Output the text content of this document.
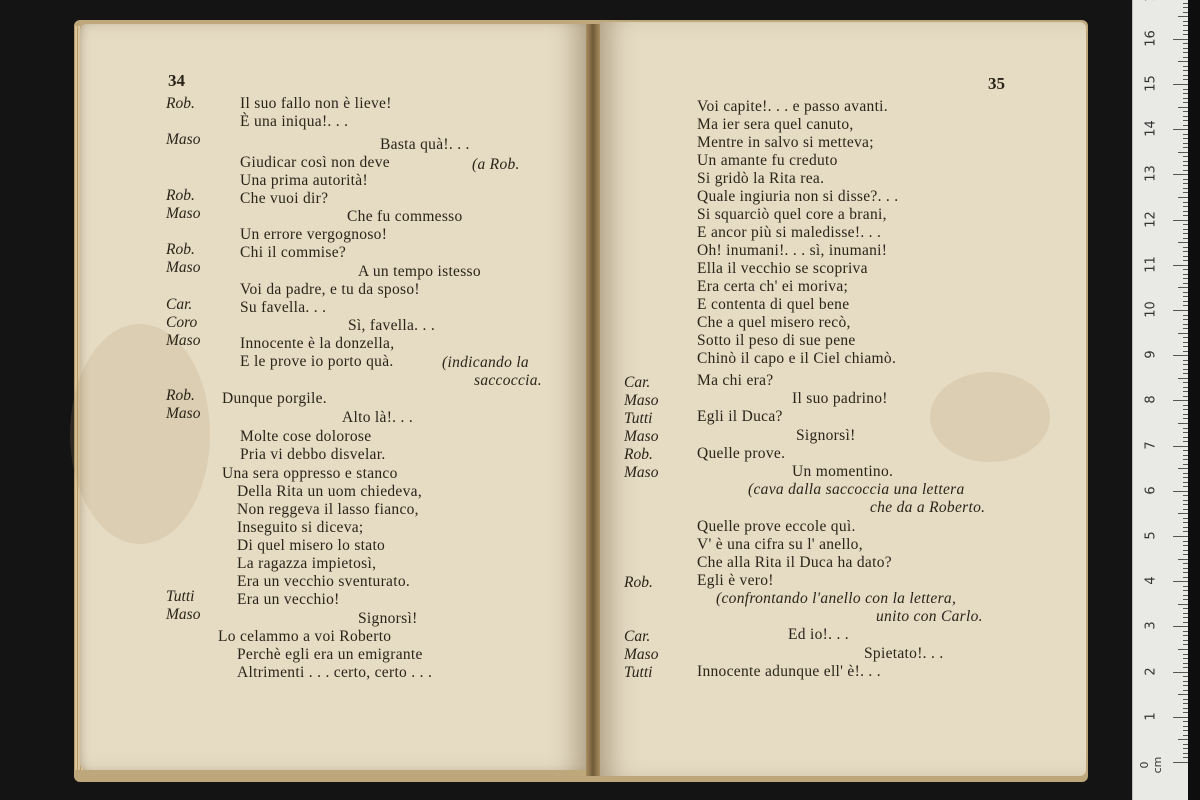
34
Rob.	Il suo fallo non è lieve!
È una iniqua!. . .
Maso	Basta quà!. . .
Giudicar così non deve	(a Rob.
Una prima autorità!
Rob.	Che vuoi dir?
Maso	Che fu commesso
Un errore vergognoso!
Rob.	Chi il commise?
Maso	A un tempo istesso
Voi da padre, e tu da sposo!
Car.	Su favella. . .
Coro	Sì, favella. . .
Maso	Innocente è la donzella,
E le prove io porto quà.	(indicando la
saccoccia.
Rob. Dunque porgile.
Maso	Alto là!. . .
Molte cose dolorose
Pria vi debbo disvelar.
Una sera oppresso e stanco
Della Rita un uom chiedeva,
Non reggeva il lasso fianco,
Inseguito si diceva;
Di quel misero lo stato
La ragazza impietosì,
Era un vecchio sventurato.
Tutti	Era un vecchio!
Maso	Signorsì!
Lo celammo a voi Roberto
Perchè egli era un emigrante
Altrimenti . . . certo, certo . . .
35
Voi capite!. . . e passo avanti.
Ma ier sera quel canuto,
Mentre in salvo si metteva;
Un amante fu creduto
Si gridò la Rita rea.
Quale ingiuria non si disse?. . .
Si squarciò quel core a brani,
E ancor più si maledisse!. . .
Oh! inumani!. . . sì, inumani!
Ella il vecchio se scopriva
Era certa ch' ei moriva;
E contenta di quel bene
Che a quel misero recò,
Sotto il peso di sue pene
Chinò il capo e il Ciel chiamò.
Car.	Ma chi era?
Maso	Il suo padrino!
Tutti	Egli il Duca?
Maso	Signorsì!
Rob.	Quelle prove.
Maso	Un momentino.
(cava dalla saccoccia una lettera
che da a Roberto.
Quelle prove eccole quì.
V' è una cifra su l' anello,
Che alla Rita il Duca ha dato?
Rob.	Egli è vero!
(confrontando l'anello con la lettera,
unito con Carlo.
Car.	Ed io!. . .
Maso	Spietato!. . .
Tutti	Innocente adunque ell' è!. . .
0 cm
1
2
3
4
5
6
7
8
9
10
11
12
13
14
15
16
